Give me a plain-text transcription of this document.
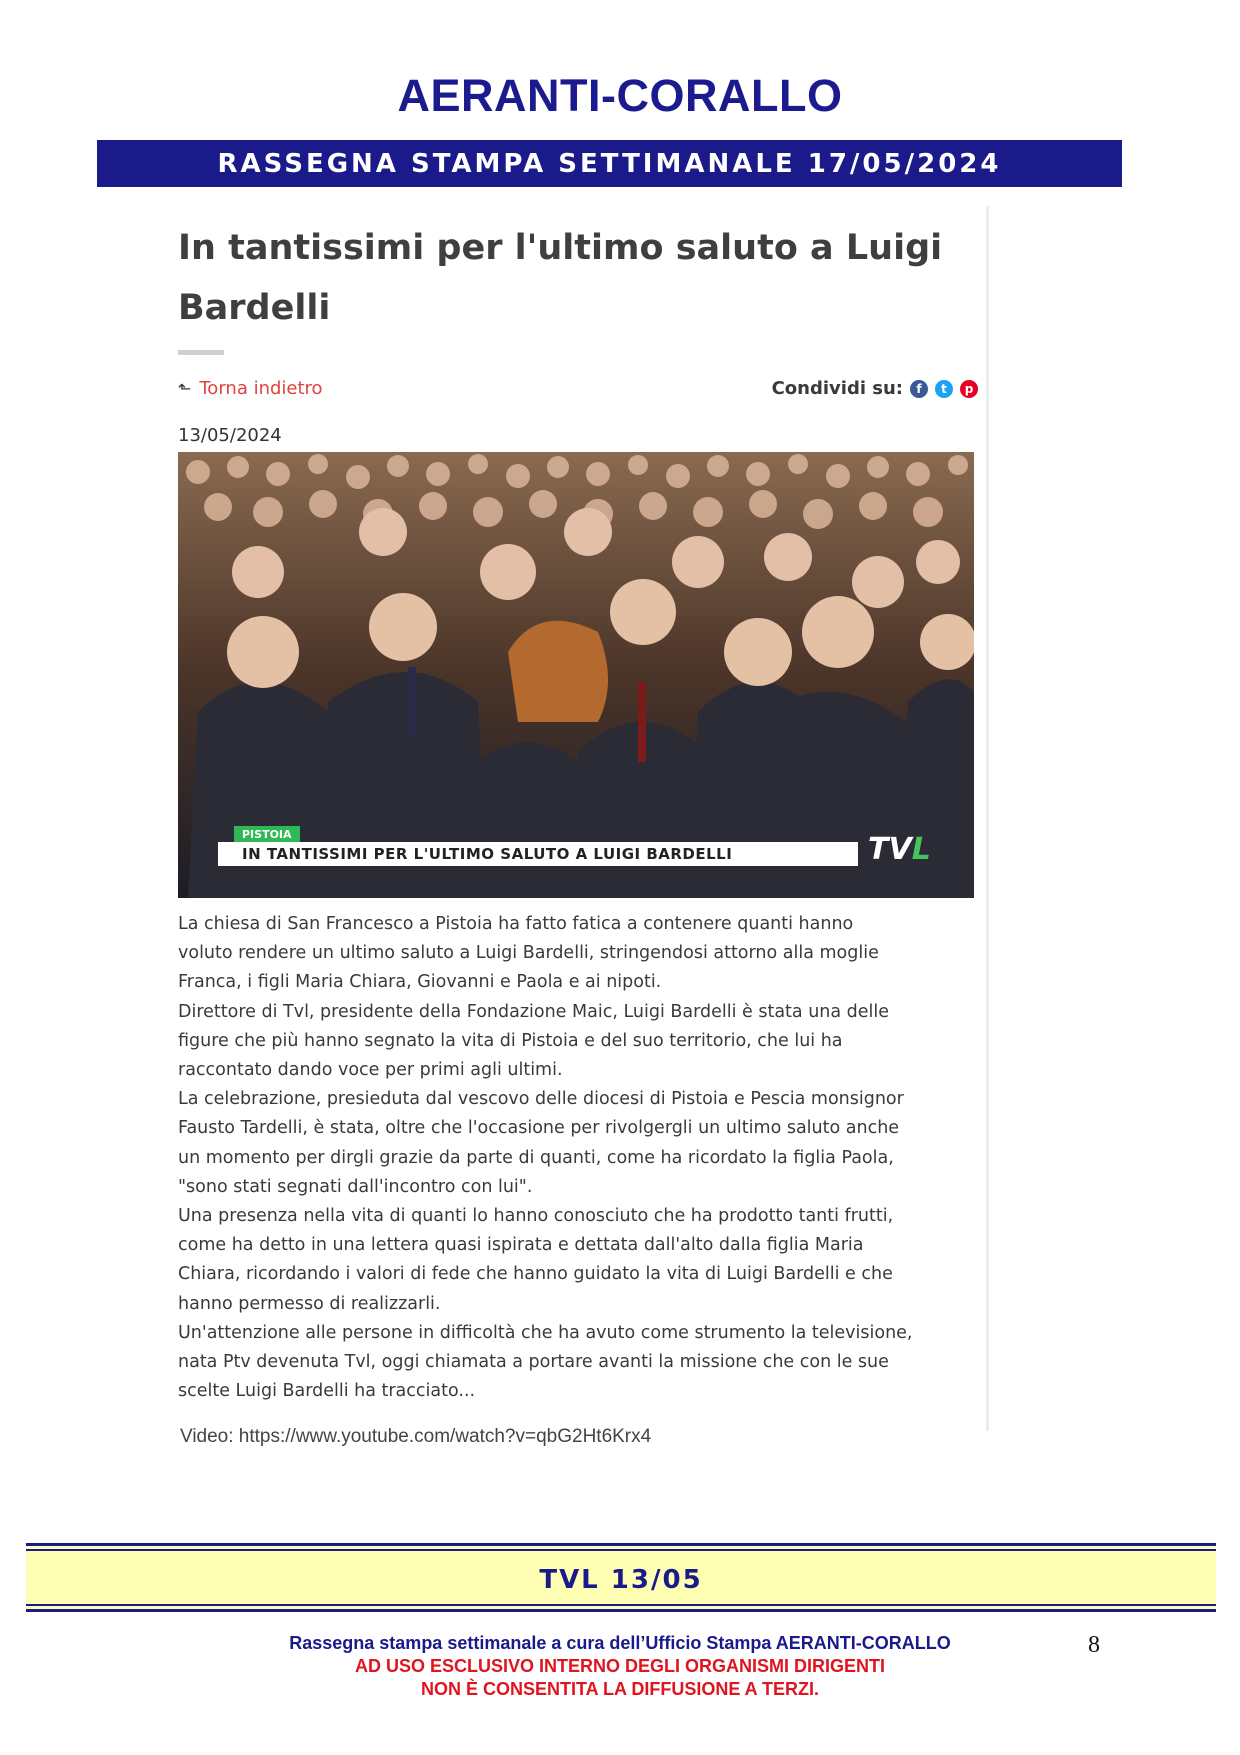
AERANTI-CORALLO
RASSEGNA STAMPA SETTIMANALE 17/05/2024
In tantissimi per l'ultimo saluto a Luigi Bardelli
⬑ Torna indietro	Condividi su:	f	t	p
13/05/2024
PISTOIA
IN TANTISSIMI PER L'ULTIMO SALUTO A LUIGI BARDELLI	TVL

La chiesa di San Francesco a Pistoia ha fatto fatica a contenere quanti hanno

voluto rendere un ultimo saluto a Luigi Bardelli, stringendosi attorno alla moglie

Franca, i figli Maria Chiara, Giovanni e Paola e ai nipoti.

Direttore di Tvl, presidente della Fondazione Maic, Luigi Bardelli è stata una delle

figure che più hanno segnato la vita di Pistoia e del suo territorio, che lui ha

raccontato dando voce per primi agli ultimi.

La celebrazione, presieduta dal vescovo delle diocesi di Pistoia e Pescia monsignor

Fausto Tardelli, è stata, oltre che l'occasione per rivolgergli un ultimo saluto anche

un momento per dirgli grazie da parte di quanti, come ha ricordato la figlia Paola,

"sono stati segnati dall'incontro con lui".

Una presenza nella vita di quanti lo hanno conosciuto che ha prodotto tanti frutti,

come ha detto in una lettera quasi ispirata e dettata dall'alto dalla figlia Maria

Chiara, ricordando i valori di fede che hanno guidato la vita di Luigi Bardelli e che

hanno permesso di realizzarli.

Un'attenzione alle persone in difficoltà che ha avuto come strumento la televisione,

nata Ptv devenuta Tvl, oggi chiamata a portare avanti la missione che con le sue

scelte Luigi Bardelli ha tracciato...

Video: https://www.youtube.com/watch?v=qbG2Ht6Krx4
TVL 13/05
Rassegna stampa settimanale a cura dell’Ufficio Stampa AERANTI-CORALLO
AD USO ESCLUSIVO INTERNO DEGLI ORGANISMI DIRIGENTI
NON È CONSENTITA LA DIFFUSIONE A TERZI.
8
